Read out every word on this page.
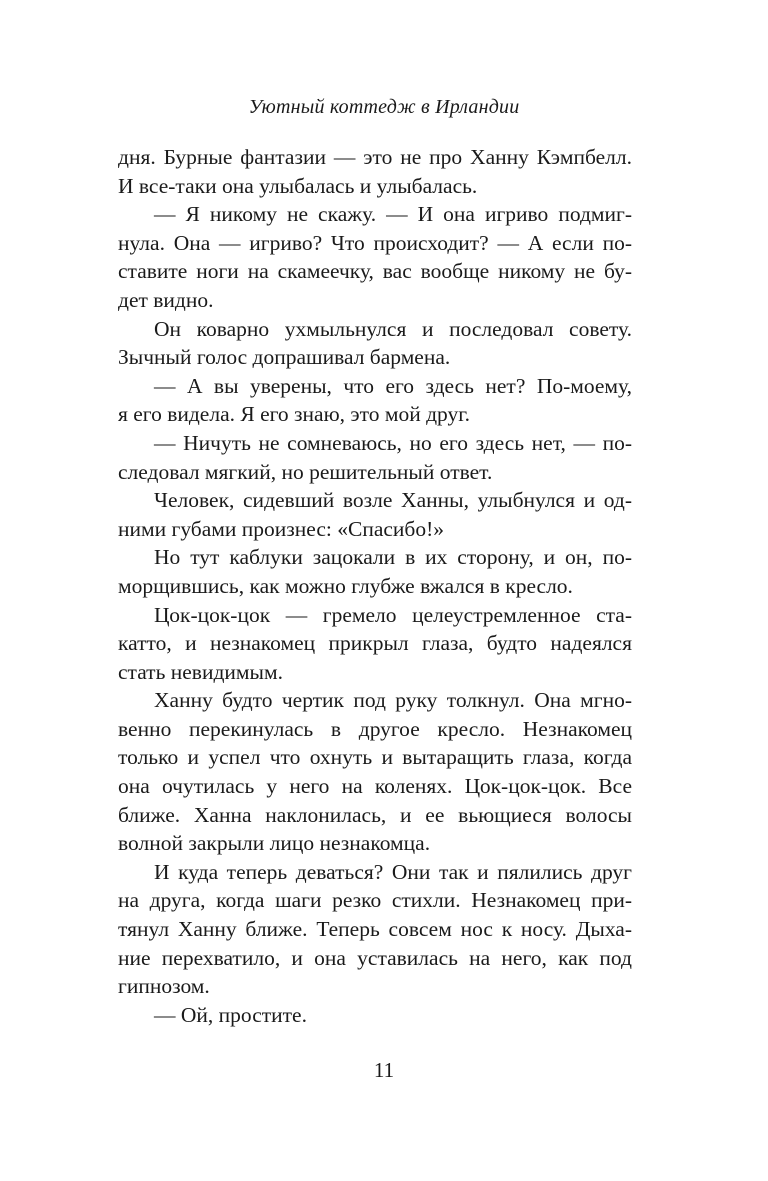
Уютный коттедж в Ирландии
дня. Бурные фантазии — это не про Ханну Кэмпбелл.
И все-таки она улыбалась и улыбалась.
— Я никому не скажу. — И она игриво подмиг-
нула. Она — игриво? Что происходит? — А если по-
ставите ноги на скамеечку, вас вообще никому не бу-
дет видно.
Он коварно ухмыльнулся и последовал совету.
Зычный голос допрашивал бармена.
— А вы уверены, что его здесь нет? По-моему,
я его видела. Я его знаю, это мой друг.
— Ничуть не сомневаюсь, но его здесь нет, — по-
следовал мягкий, но решительный ответ.
Человек, сидевший возле Ханны, улыбнулся и од-
ними губами произнес: «Спасибо!»
Но тут каблуки зацокали в их сторону, и он, по-
морщившись, как можно глубже вжался в кресло.
Цок-цок-цок — гремело целеустремленное ста-
катто, и незнакомец прикрыл глаза, будто надеялся
стать невидимым.
Ханну будто чертик под руку толкнул. Она мгно-
венно перекинулась в другое кресло. Незнакомец
только и успел что охнуть и вытаращить глаза, когда
она очутилась у него на коленях. Цок-цок-цок. Все
ближе. Ханна наклонилась, и ее вьющиеся волосы
волной закрыли лицо незнакомца.
И куда теперь деваться? Они так и пялились друг
на друга, когда шаги резко стихли. Незнакомец при-
тянул Ханну ближе. Теперь совсем нос к носу. Дыха-
ние перехватило, и она уставилась на него, как под
гипнозом.
— Ой, простите.
11
